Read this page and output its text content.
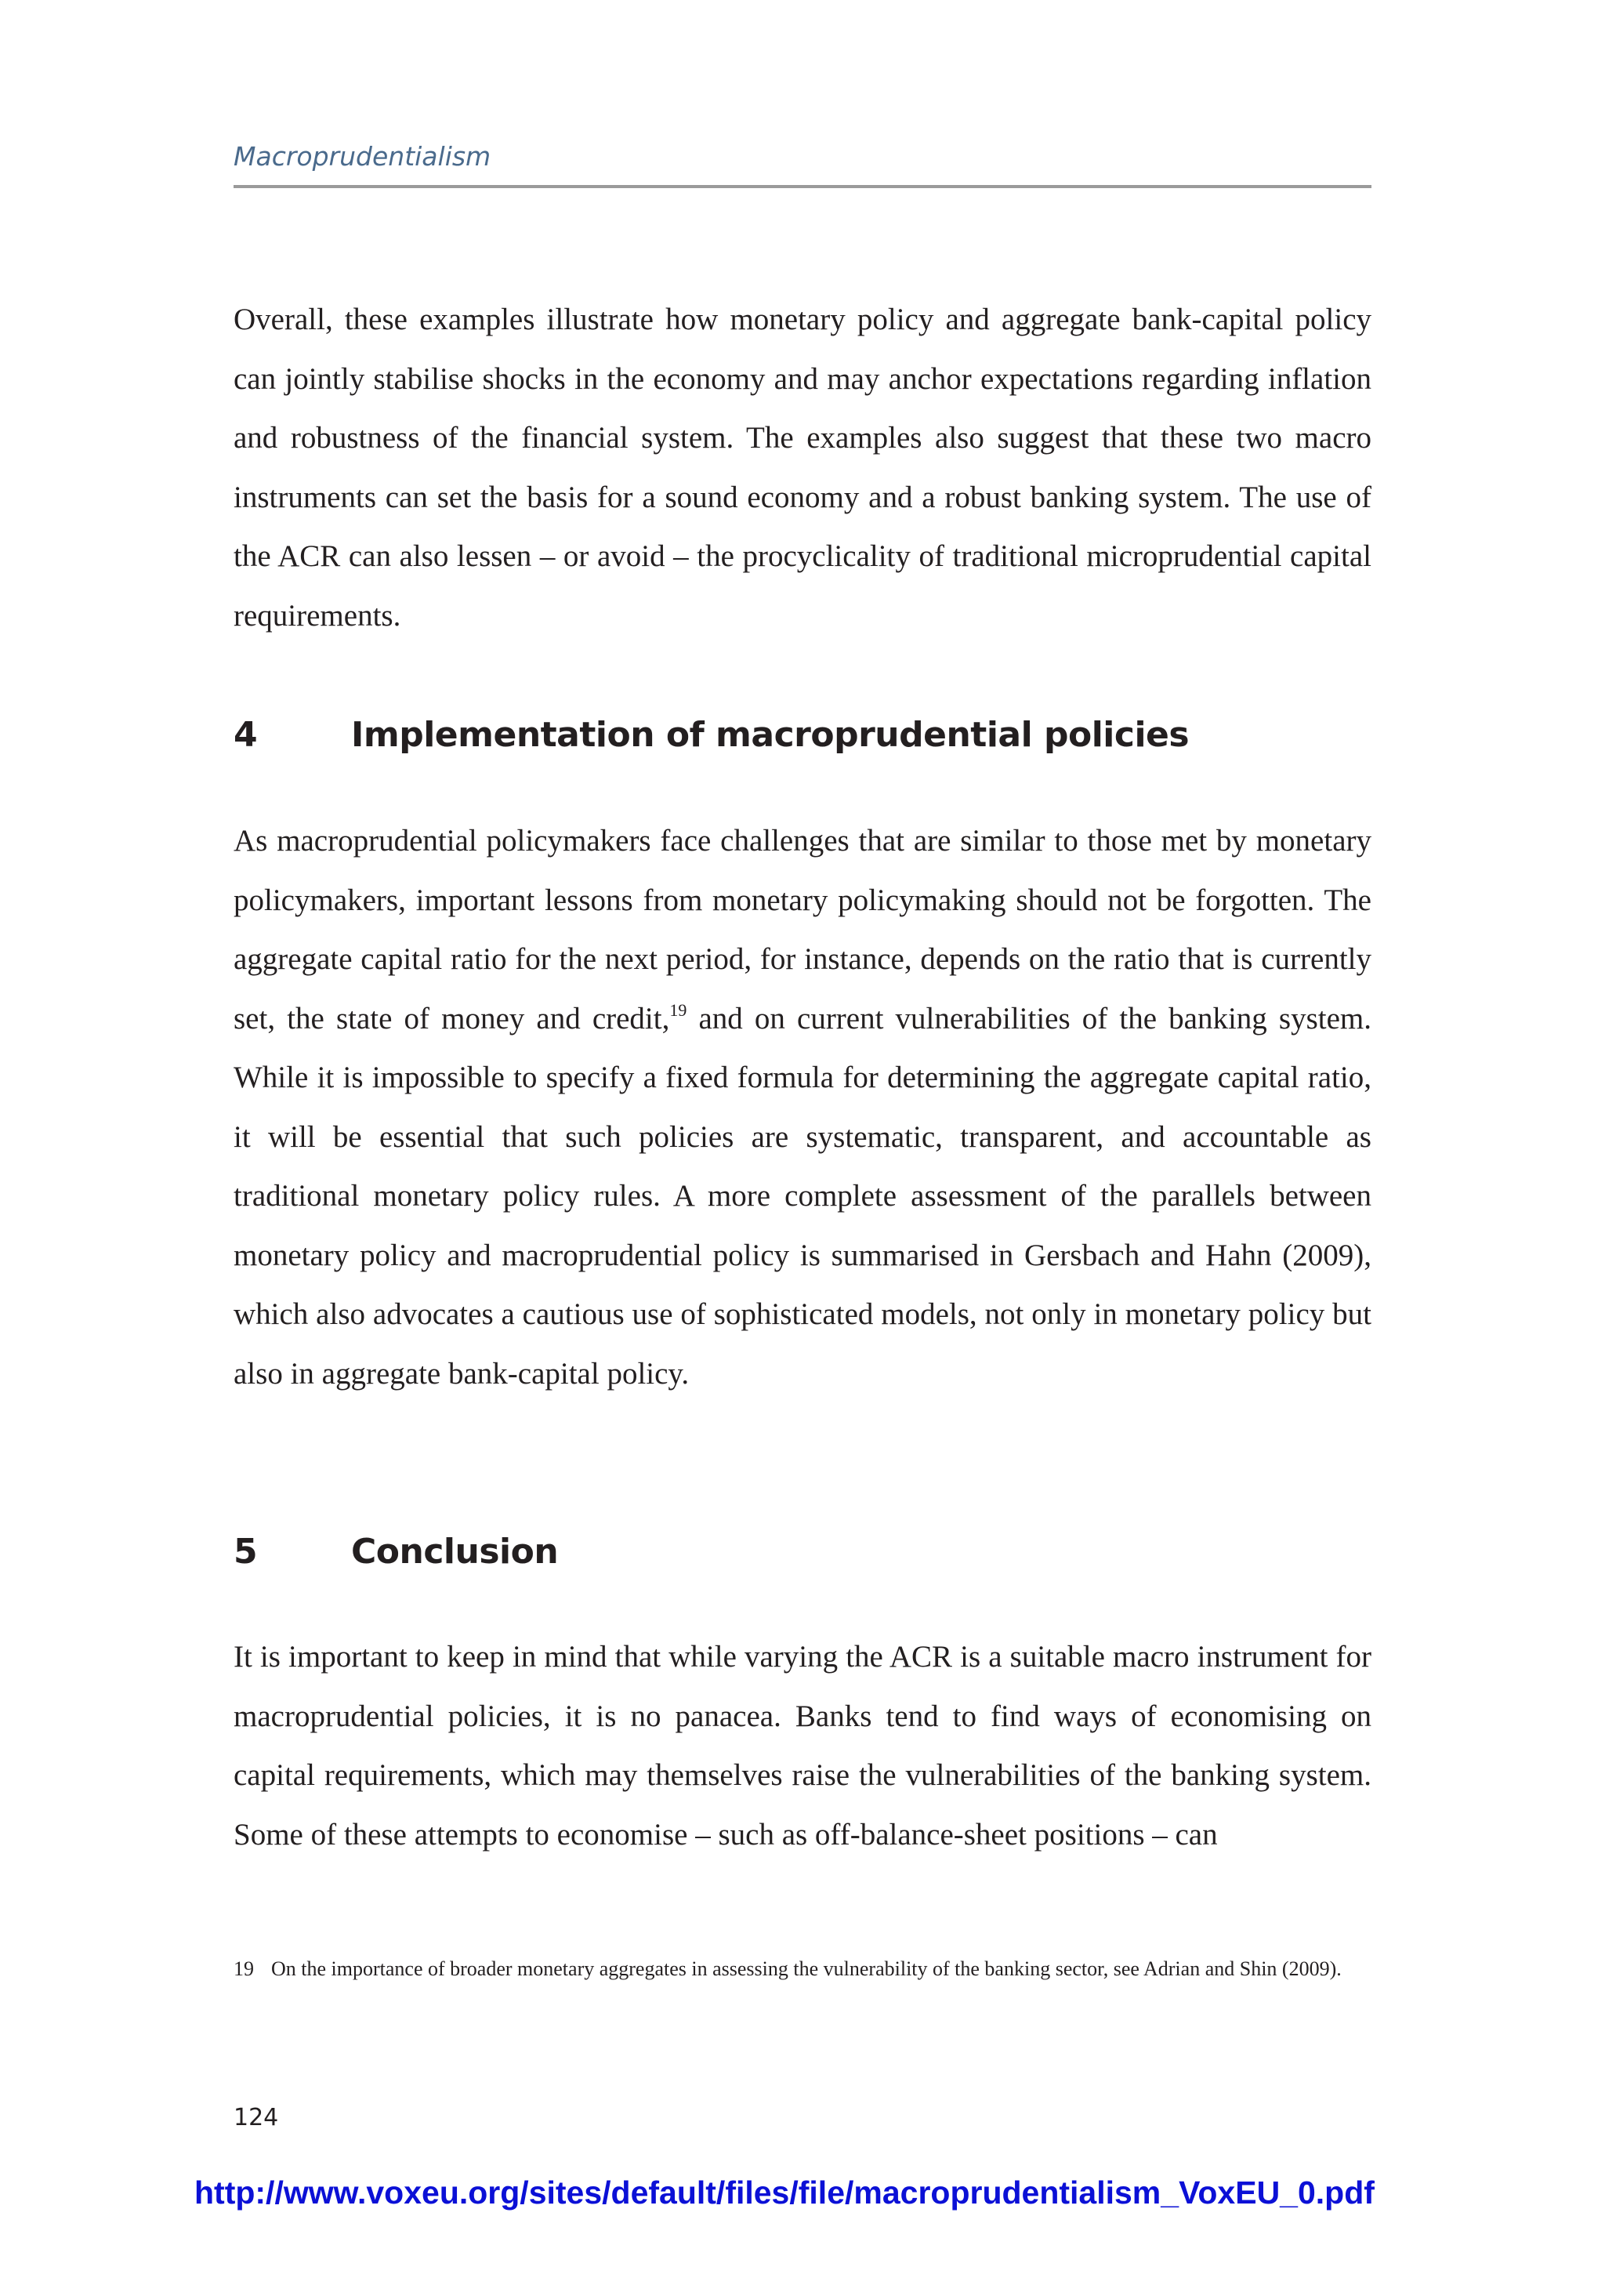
Macroprudentialism

Overall, these examples illustrate how monetary policy and aggregate bank-capital policy can jointly stabilise shocks in the economy and may anchor expectations regarding inflation and robustness of the financial system. The examples also suggest that these two macro instruments can set the basis for a sound economy and a robust banking system. The use of the ACR can also lessen – or avoid – the procyclicality of traditional microprudential capital requirements.

4	Implementation of macroprudential policies

As macroprudential policymakers face challenges that are similar to those met by monetary policymakers, important lessons from monetary policymaking should not be forgotten. The aggregate capital ratio for the next period, for instance, depends on the ratio that is currently set, the state of money and credit,$^{19}$ and on current vulnerabilities of the banking system. While it is impossible to specify a fixed formula for determining the aggregate capital ratio, it will be essential that such policies are systematic, transparent, and accountable as traditional monetary policy rules. A more complete assessment of the parallels between monetary policy and macroprudential policy is summarised in Gersbach and Hahn (2009), which also advocates a cautious use of sophisticated models, not only in monetary policy but also in aggregate bank-capital policy.

5	Conclusion

It is important to keep in mind that while varying the ACR is a suitable macro instrument for macroprudential policies, it is no panacea. Banks tend to find ways of economising on capital requirements, which may themselves raise the vulnerabilities of the banking system. Some of these attempts to economise – such as off-balance-sheet positions – can

19 On the importance of broader monetary aggregates in assessing the vulnerability of the banking sector, see Adrian and Shin (2009).
124
http://www.voxeu.org/sites/default/files/file/macroprudentialism_VoxEU_0.pdf
